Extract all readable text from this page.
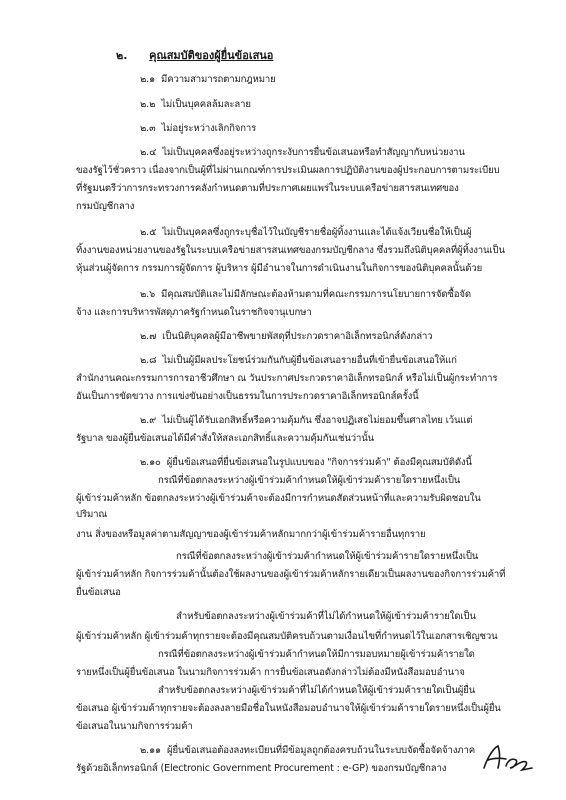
๒. คุณสมบัติของผู้ยื่นข้อเสนอ
๒.๑ มีความสามารถตามกฎหมาย
๒.๒ ไม่เป็นบุคคลล้มละลาย
๒.๓ ไม่อยู่ระหว่างเลิกกิจการ
๒.๔ ไม่เป็นบุคคลซึ่งอยู่ระหว่างถูกระงับการยื่นข้อเสนอหรือทำสัญญากับหน่วยงาน
ของรัฐไว้ชั่วคราว เนื่องจากเป็นผู้ที่ไม่ผ่านเกณฑ์การประเมินผลการปฏิบัติงานของผู้ประกอบการตามระเบียบ
ที่รัฐมนตรีว่าการกระทรวงการคลังกำหนดตามที่ประกาศเผยแพร่ในระบบเครือข่ายสารสนเทศของ
กรมบัญชีกลาง
๒.๕ ไม่เป็นบุคคลซึ่งถูกระบุชื่อไว้ในบัญชีรายชื่อผู้ทิ้งงานและได้แจ้งเวียนชื่อให้เป็นผู้
ทิ้งงานของหน่วยงานของรัฐในระบบเครือข่ายสารสนเทศของกรมบัญชีกลาง ซึ่งรวมถึงนิติบุคคลที่ผู้ทิ้งงานเป็น
หุ้นส่วนผู้จัดการ กรรมการผู้จัดการ ผู้บริหาร ผู้มีอำนาจในการดำเนินงานในกิจการของนิติบุคคลนั้นด้วย
๒.๖ มีคุณสมบัติและไม่มีลักษณะต้องห้ามตามที่คณะกรรมการนโยบายการจัดซื้อจัด
จ้าง และการบริหารพัสดุภาครัฐกำหนดในราชกิจจานุเบกษา
๒.๗ เป็นนิติบุคคลผู้มีอาชีพขายพัสดุที่ประกวดราคาอิเล็กทรอนิกส์ดังกล่าว
๒.๘ ไม่เป็นผู้มีผลประโยชน์ร่วมกันกับผู้ยื่นข้อเสนอรายอื่นที่เข้ายื่นข้อเสนอให้แก่
สำนักงานคณะกรรมการการอาชีวศึกษา ณ วันประกาศประกวดราคาอิเล็กทรอนิกส์ หรือไม่เป็นผู้กระทำการ
อันเป็นการขัดขวาง การแข่งขันอย่างเป็นธรรมในการประกวดราคาอิเล็กทรอนิกส์ครั้งนี้
๒.๙ ไม่เป็นผู้ได้รับเอกสิทธิ์หรือความคุ้มกัน ซึ่งอาจปฏิเสธไม่ยอมขึ้นศาลไทย เว้นแต่
รัฐบาล ของผู้ยื่นข้อเสนอได้มีคำสั่งให้สละเอกสิทธิ์และความคุ้มกันเช่นว่านั้น
๒.๑๐ ผู้ยื่นข้อเสนอที่ยื่นข้อเสนอในรูปแบบของ "กิจการร่วมค้า" ต้องมีคุณสมบัติดังนี้
กรณีที่ข้อตกลงระหว่างผู้เข้าร่วมค้ากำหนดให้ผู้เข้าร่วมค้ารายใดรายหนึ่งเป็น
ผู้เข้าร่วมค้าหลัก ข้อตกลงระหว่างผู้เข้าร่วมค้าจะต้องมีการกำหนดสัดส่วนหน้าที่และความรับผิดชอบใน
ปริมาณ
งาน สิ่งของหรือมูลค่าตามสัญญาของผู้เข้าร่วมค้าหลักมากกว่าผู้เข้าร่วมค้ารายอื่นทุกราย
กรณีที่ข้อตกลงระหว่างผู้เข้าร่วมค้ากำหนดให้ผู้เข้าร่วมค้ารายใดรายหนึ่งเป็น
ผู้เข้าร่วมค้าหลัก กิจการร่วมค้านั้นต้องใช้ผลงานของผู้เข้าร่วมค้าหลักรายเดียวเป็นผลงานของกิจการร่วมค้าที่
ยื่นข้อเสนอ
สำหรับข้อตกลงระหว่างผู้เข้าร่วมค้าที่ไม่ได้กำหนดให้ผู้เข้าร่วมค้ารายใดเป็น
ผู้เข้าร่วมค้าหลัก ผู้เข้าร่วมค้าทุกรายจะต้องมีคุณสมบัติครบถ้วนตามเงื่อนไขที่กำหนดไว้ในเอกสารเชิญชวน
กรณีที่ข้อตกลงระหว่างผู้เข้าร่วมค้ากำหนดให้มีการมอบหมายผู้เข้าร่วมค้ารายใด
รายหนึ่งเป็นผู้ยื่นข้อเสนอ ในนามกิจการร่วมค้า การยื่นข้อเสนอดังกล่าวไม่ต้องมีหนังสือมอบอำนาจ
สำหรับข้อตกลงระหว่างผู้เข้าร่วมค้าที่ไม่ได้กำหนดให้ผู้เข้าร่วมค้ารายใดเป็นผู้ยื่น
ข้อเสนอ ผู้เข้าร่วมค้าทุกรายจะต้องลงลายมือชื่อในหนังสือมอบอำนาจให้ผู้เข้าร่วมค้ารายใดรายหนึ่งเป็นผู้ยื่น
ข้อเสนอในนามกิจการร่วมค้า
๒.๑๑ ผู้ยื่นข้อเสนอต้องลงทะเบียนที่มีข้อมูลถูกต้องครบถ้วนในระบบจัดซื้อจัดจ้างภาค
รัฐด้วยอิเล็กทรอนิกส์ (Electronic Government Procurement : e-GP) ของกรมบัญชีกลาง
